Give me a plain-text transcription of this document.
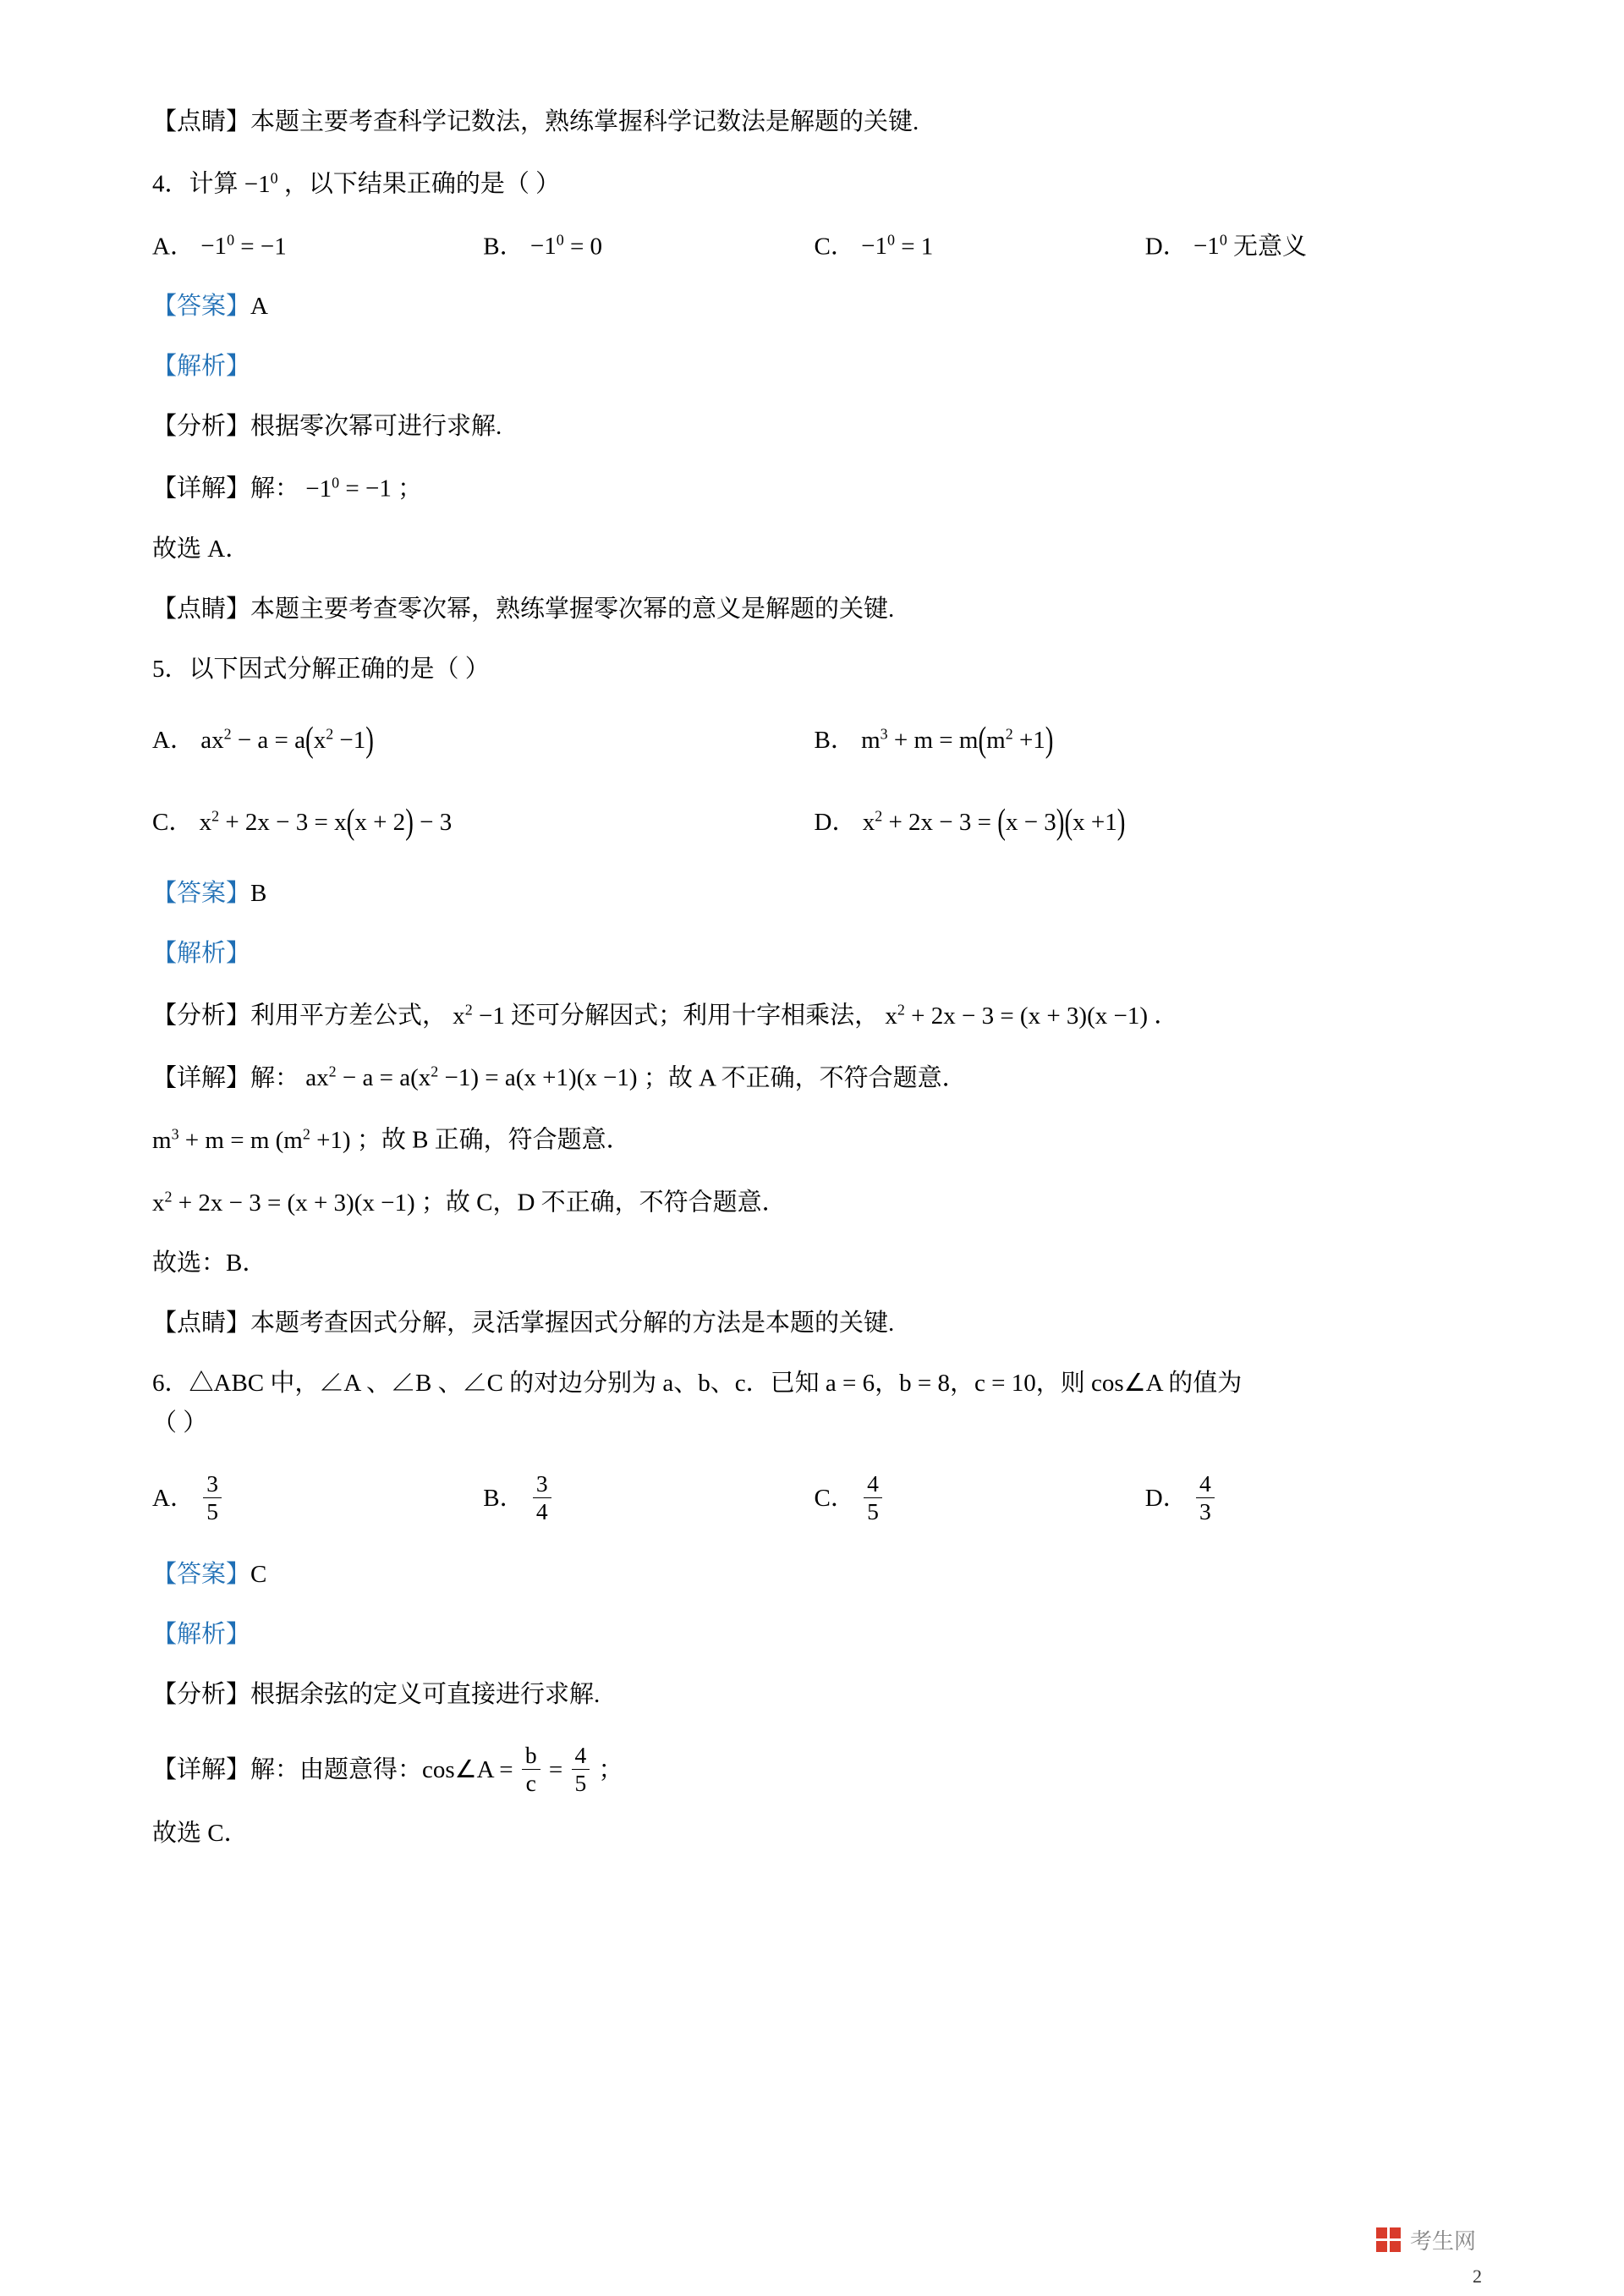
【点睛】本题主要考查科学记数法，熟练掌握科学记数法是解题的关键.
4．计算 $-1^0$ ，以下结果正确的是（ ）
A． $-1^0 = -1$	B． $-1^0 = 0$	C． $-1^0 = 1$	D． $-1^0$ 无意义
【答案】A
【解析】
【分析】根据零次幂可进行求解.
【详解】解： $-1^0 = -1$ ；
故选 A．
【点睛】本题主要考查零次幂，熟练掌握零次幂的意义是解题的关键.
5．以下因式分解正确的是（ ）
A． $ax^2 - a = a(x^2 -1)$	B． $m^3 + m = m(m^2 +1)$
C． $x^2 + 2x - 3 = x(x + 2) - 3$	D． $x^2 + 2x - 3 = (x - 3)(x +1)$
【答案】B
【解析】
【分析】利用平方差公式， $x^2 -1$ 还可分解因式；利用十字相乘法， $x^2 + 2x - 3 = (x + 3)(x -1)$ ．
【详解】解： $ax^2 - a = a(x^2 -1) = a(x +1)(x -1)$ ；故 A 不正确，不符合题意．
$m^3 + m = m$ $(m^2 +1)$ ；故 B 正确，符合题意．
$x^2 + 2x - 3 = (x + 3)(x -1)$ ；故 C，D 不正确，不符合题意．
故选：B．
【点睛】本题考查因式分解，灵活掌握因式分解的方法是本题的关键.
6．△ABC 中，∠A 、∠B 、∠C 的对边分别为 a、b、c．已知 a = 6，b = 8，c = 10，则 cos∠A 的值为
（ ）
A． $\frac{3}{5}$	B． $\frac{3}{4}$	C． $\frac{4}{5}$	D． $\frac{4}{3}$
【答案】C
【解析】
【分析】根据余弦的定义可直接进行求解.
【详解】解：由题意得：cos∠A = $\frac{b}{c} = \frac{4}{5}$ ；
故选 C．
考生网
2
